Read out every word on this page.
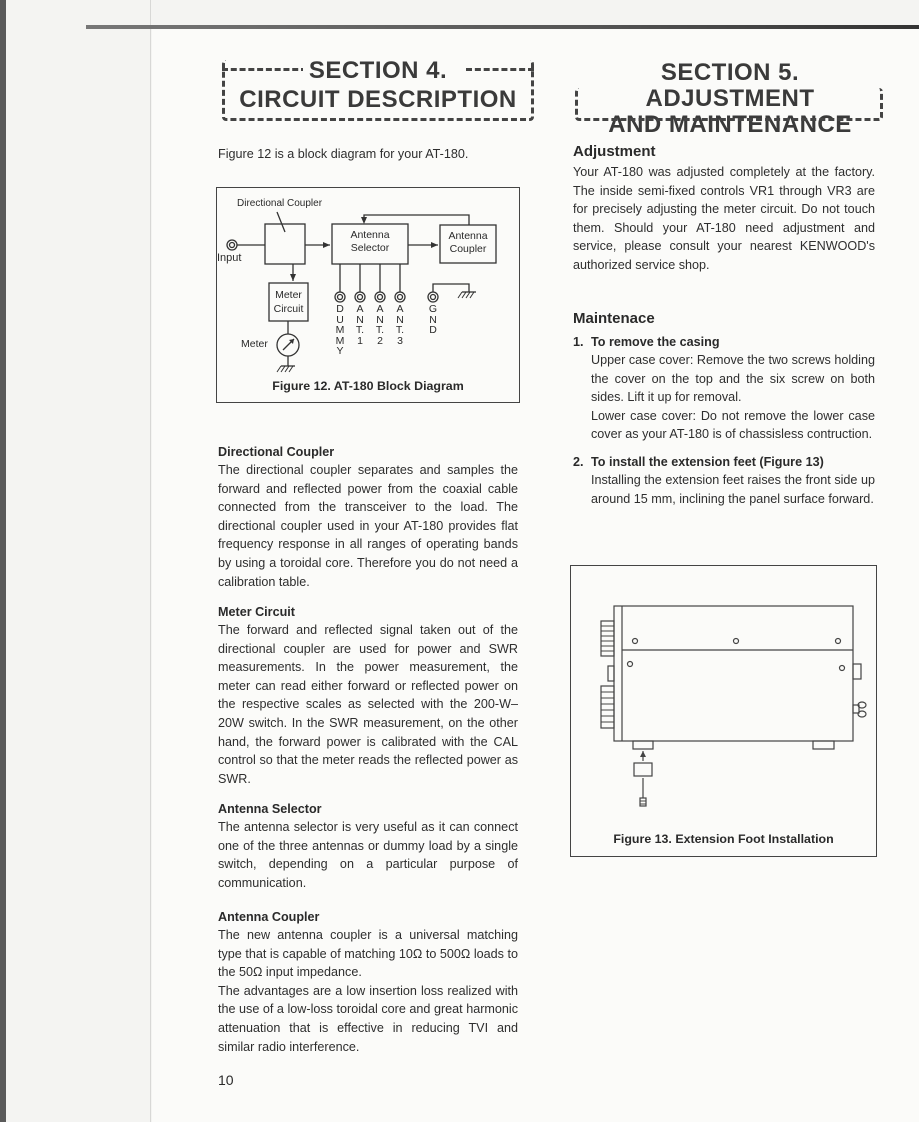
SECTION 4.
CIRCUIT DESCRIPTION
SECTION 5. ADJUSTMENT
AND MAINTENANCE
Figure 12 is a block diagram for your AT-180.
Directional Coupler
Input
Antenna
Selector
Antenna
Coupler
Meter
Circuit
Meter
DUMMY
ANT.1
ANT.2
ANT.3
GND
Figure 12. AT-180 Block Diagram
Directional Coupler
The directional coupler separates and samples the forward and reflected power from the coaxial cable connected from the transceiver to the load. The directional coupler used in your AT-180 provides flat frequency response in all ranges of operating bands by using a toroidal core. Therefore you do not need a calibration table.
Meter Circuit
The forward and reflected signal taken out of the directional coupler are used for power and SWR measurements. In the power measurement, the meter can read either forward or reflected power on the respective scales as selected with the 200-W–20W switch. In the SWR measurement, on the other hand, the forward power is calibrated with the CAL control so that the meter reads the reflected power as SWR.
Antenna Selector
The antenna selector is very useful as it can connect one of the three antennas or dummy load by a single switch, depending on a particular purpose of communication.
Antenna Coupler
The new antenna coupler is a universal matching type that is capable of matching 10Ω to 500Ω loads to the 50Ω input impedance.
The advantages are a low insertion loss realized with the use of a low-loss toroidal core and great harmonic attenuation that is effective in reducing TVI and similar radio interference.
Adjustment
Your AT-180 was adjusted completely at the factory. The inside semi-fixed controls VR1 through VR3 are for precisely adjusting the meter circuit. Do not touch them. Should your AT-180 need adjustment and service, please consult your nearest KENWOOD's authorized service shop.
Maintenace
1. To remove the casing
Upper case cover: Remove the two screws holding the cover on the top and the six screw on both sides. Lift it up for removal.
Lower case cover: Do not remove the lower case cover as your AT-180 is of chassisless contruction.
2. To install the extension feet (Figure 13)
Installing the extension feet raises the front side up around 15 mm, inclining the panel surface forward.
Figure 13. Extension Foot Installation
10
